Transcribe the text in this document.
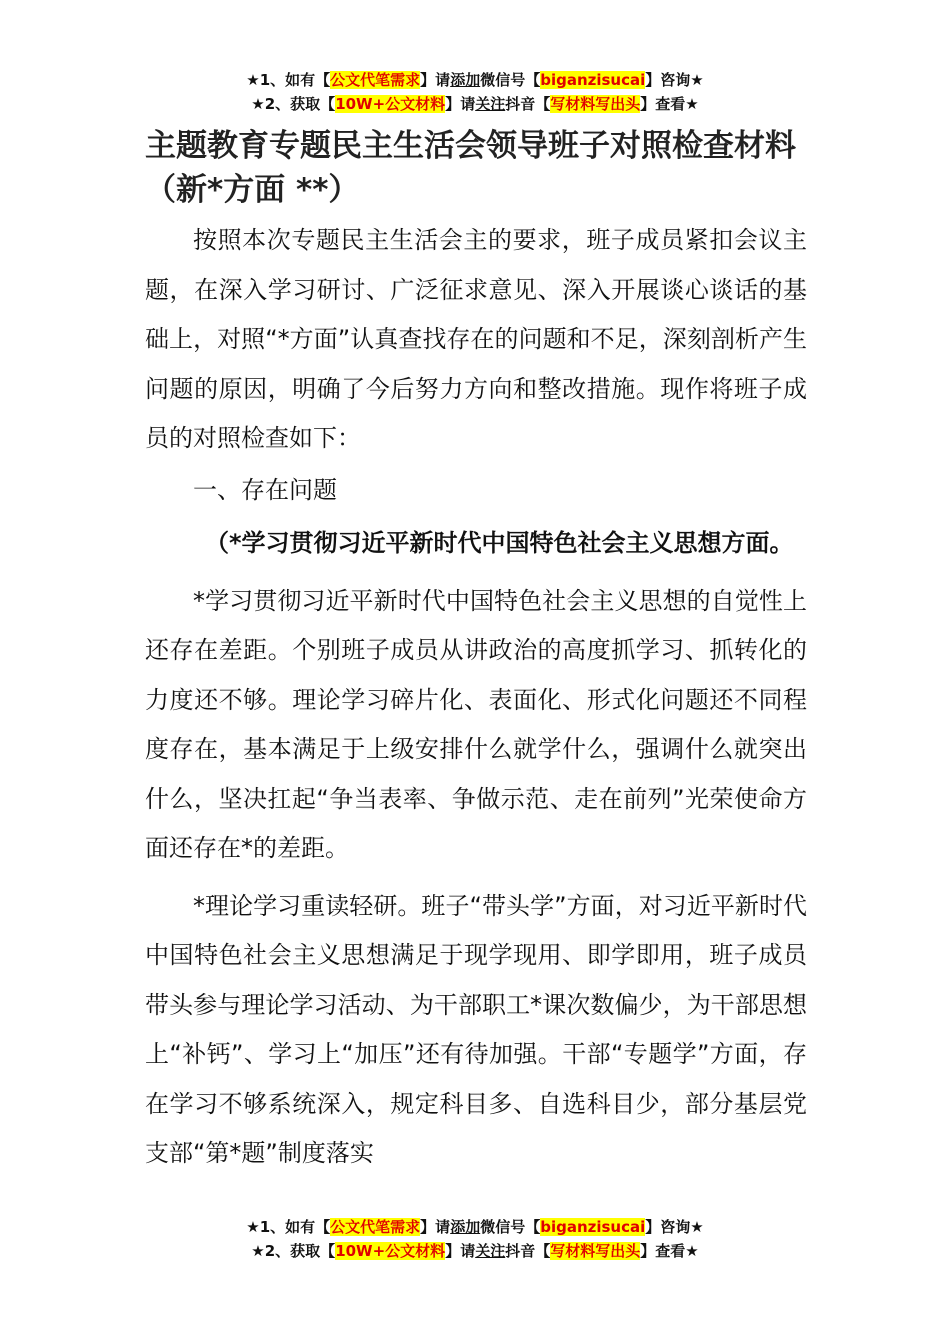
★1、如有【公文代笔需求】请添加微信号【biganzisucai】咨询★
★2、获取【10W+公文材料】请关注抖音【写材料写出头】查看★
主题教育专题民主生活会领导班子对照检查材料（新*方面 **）

按照本次专题民主生活会主的要求，班子成员紧扣会议主题，在深入学习研讨、广泛征求意见、深入开展谈心谈话的基础上，对照“*方面”认真查找存在的问题和不足，深刻剖析产生问题的原因，明确了今后努力方向和整改措施。现作将班子成员的对照检查如下：

一、存在问题

（*学习贯彻习近平新时代中国特色社会主义思想方面。

*学习贯彻习近平新时代中国特色社会主义思想的自觉性上还存在差距。个别班子成员从讲政治的高度抓学习、抓转化的力度还不够。理论学习碎片化、表面化、形式化问题还不同程度存在，基本满足于上级安排什么就学什么，强调什么就突出什么，坚决扛起“争当表率、争做示范、走在前列”光荣使命方面还存在*的差距。

*理论学习重读轻研。班子“带头学”方面，对习近平新时代中国特色社会主义思想满足于现学现用、即学即用，班子成员带头参与理论学习活动、为干部职工*课次数偏少，为干部思想上“补钙”、学习上“加压”还有待加强。干部“专题学”方面，存在学习不够系统深入，规定科目多、自选科目少，部分基层党支部“第*题”制度落实

★1、如有【公文代笔需求】请添加微信号【biganzisucai】咨询★
★2、获取【10W+公文材料】请关注抖音【写材料写出头】查看★
